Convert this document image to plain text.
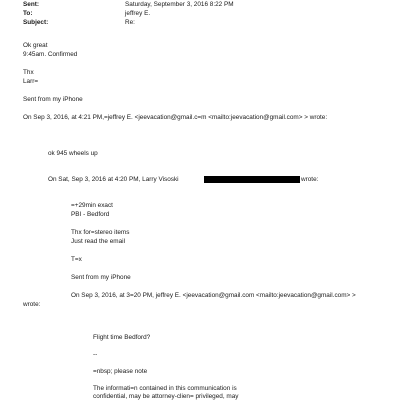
Sent:	Saturday, September 3, 2016 8:22 PM
To:	jeffrey E.
Subject:	Re:
Ok great
9:45am. Confirmed
Thx
Larr=
Sent from my iPhone
On Sep 3, 2016, at 4:21 PM,=jeffrey E. <jeevacation@gmail.c=m <mailto:jeevacation@gmail.com> > wrote:
ok 945 wheels up
On Sat, Sep 3, 2016 at 4:20 PM, Larry Visoski	wrote:
=+29min exact
PBI - Bedford
Thx for=stereo items
Just read the email
T=x
Sent from my iPhone
On Sep 3, 2016, at 3=20 PM, jeffrey E. <jeevacation@gmail.com <mailto:jeevacation@gmail.com> >
wrote:
Flight time Bedford?
--
=nbsp; please note
The informati=n contained in this communication is
confidential, may be attorney-clien= privileged, may
